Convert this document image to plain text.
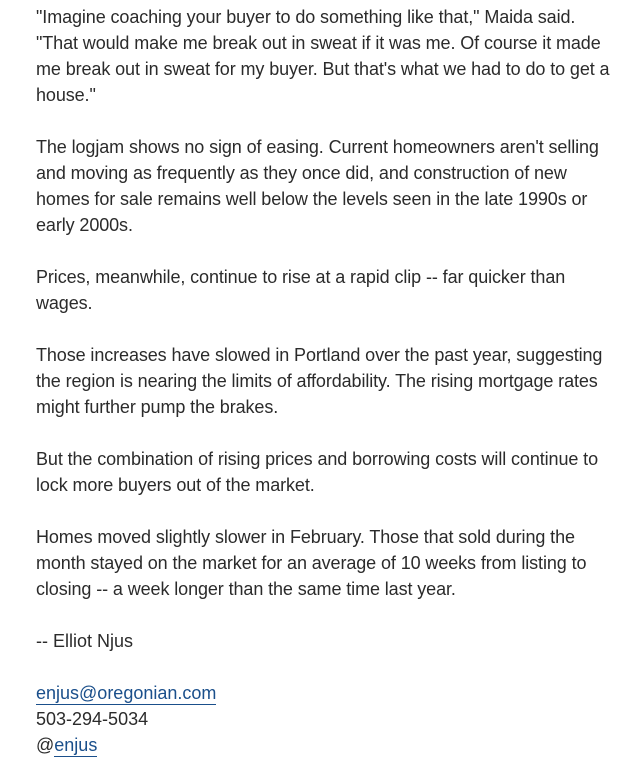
"Imagine coaching your buyer to do something like that," Maida said. "That would make me break out in sweat if it was me. Of course it made me break out in sweat for my buyer. But that's what we had to do to get a house."

The logjam shows no sign of easing. Current homeowners aren't selling and moving as frequently as they once did, and construction of new homes for sale remains well below the levels seen in the late 1990s or early 2000s.

Prices, meanwhile, continue to rise at a rapid clip -- far quicker than wages.

Those increases have slowed in Portland over the past year, suggesting the region is nearing the limits of affordability. The rising mortgage rates might further pump the brakes.

But the combination of rising prices and borrowing costs will continue to lock more buyers out of the market.

Homes moved slightly slower in February. Those that sold during the month stayed on the market for an average of 10 weeks from listing to closing -- a week longer than the same time last year.

-- Elliot Njus

enjus@oregonian.com
503-294-5034
@enjus
